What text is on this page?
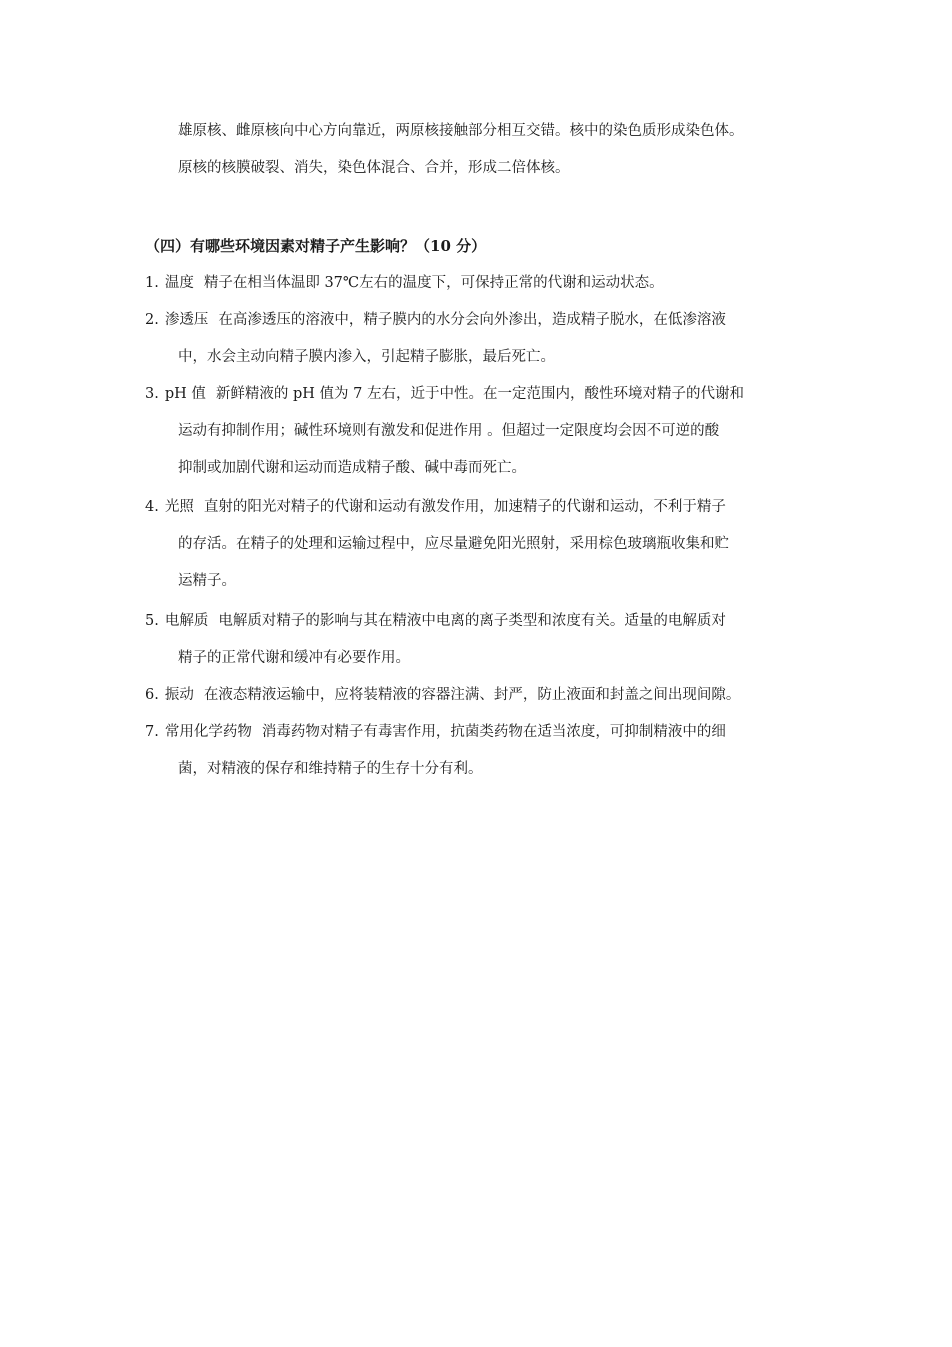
雄原核、雌原核向中心方向靠近，两原核接触部分相互交错。核中的染色质形成染色体。
原核的核膜破裂、消失，染色体混合、合并，形成二倍体核。
（四）有哪些环境因素对精子产生影响？（10 分）
1. 温度 精子在相当体温即 37℃左右的温度下，可保持正常的代谢和运动状态。
2. 渗透压 在高渗透压的溶液中，精子膜内的水分会向外渗出，造成精子脱水，在低渗溶液
中，水会主动向精子膜内渗入，引起精子膨胀，最后死亡。
3. pH 值 新鲜精液的 pH 值为 7 左右，近于中性。在一定范围内，酸性环境对精子的代谢和
运动有抑制作用；碱性环境则有激发和促进作用 。但超过一定限度均会因不可逆的酸
抑制或加剧代谢和运动而造成精子酸、碱中毒而死亡。
4. 光照 直射的阳光对精子的代谢和运动有激发作用，加速精子的代谢和运动，不利于精子
的存活。在精子的处理和运输过程中，应尽量避免阳光照射，采用棕色玻璃瓶收集和贮
运精子。
5. 电解质 电解质对精子的影响与其在精液中电离的离子类型和浓度有关。适量的电解质对
精子的正常代谢和缓冲有必要作用。
6. 振动 在液态精液运输中，应将装精液的容器注满、封严，防止液面和封盖之间出现间隙。
7. 常用化学药物 消毒药物对精子有毒害作用，抗菌类药物在适当浓度，可抑制精液中的细
菌，对精液的保存和维持精子的生存十分有利。
